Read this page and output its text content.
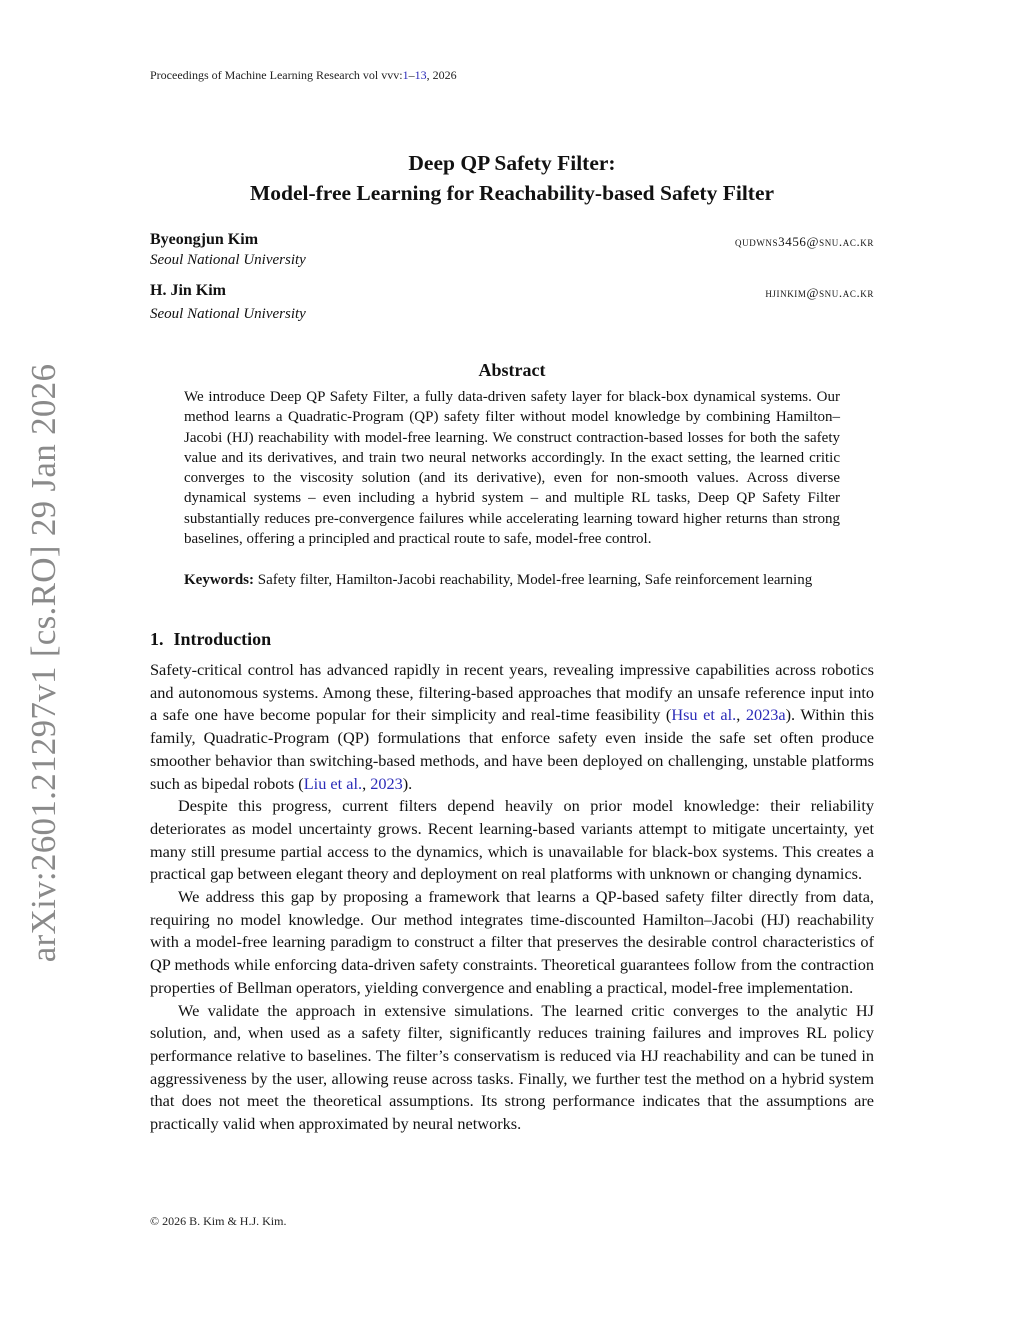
Proceedings of Machine Learning Research vol vvv:1–13, 2026
arXiv:2601.21297v1 [cs.RO] 29 Jan 2026
Deep QP Safety Filter:
Model-free Learning for Reachability-based Safety Filter
Byeongjun Kim	qudwns3456@snu.ac.kr
Seoul National University
H. Jin Kim	hjinkim@snu.ac.kr
Seoul National University
Abstract

We introduce Deep QP Safety Filter, a fully data-driven safety layer for black-box dynamical systems. Our method learns a Quadratic-Program (QP) safety filter without model knowledge by combining Hamilton–Jacobi (HJ) reachability with model-free learning. We construct contraction-based losses for both the safety value and its derivatives, and train two neural networks accordingly. In the exact setting, the learned critic converges to the viscosity solution (and its derivative), even for non-smooth values. Across diverse dynamical systems – even including a hybrid system – and multiple RL tasks, Deep QP Safety Filter substantially reduces pre-convergence failures while accelerating learning toward higher returns than strong baselines, offering a principled and practical route to safe, model-free control.

Keywords: Safety filter, Hamilton-Jacobi reachability, Model-free learning, Safe reinforcement learning

1. Introduction

Safety-critical control has advanced rapidly in recent years, revealing impressive capabilities across robotics and autonomous systems. Among these, filtering-based approaches that modify an unsafe reference input into a safe one have become popular for their simplicity and real-time feasibility (Hsu et al., 2023a). Within this family, Quadratic-Program (QP) formulations that enforce safety even inside the safe set often produce smoother behavior than switching-based methods, and have been deployed on challenging, unstable platforms such as bipedal robots (Liu et al., 2023).

Despite this progress, current filters depend heavily on prior model knowledge: their reliability deteriorates as model uncertainty grows. Recent learning-based variants attempt to mitigate uncertainty, yet many still presume partial access to the dynamics, which is unavailable for black-box systems. This creates a practical gap between elegant theory and deployment on real platforms with unknown or changing dynamics.

We address this gap by proposing a framework that learns a QP-based safety filter directly from data, requiring no model knowledge. Our method integrates time-discounted Hamilton–Jacobi (HJ) reachability with a model-free learning paradigm to construct a filter that preserves the desirable control characteristics of QP methods while enforcing data-driven safety constraints. Theoretical guarantees follow from the contraction properties of Bellman operators, yielding convergence and enabling a practical, model-free implementation.

We validate the approach in extensive simulations. The learned critic converges to the analytic HJ solution, and, when used as a safety filter, significantly reduces training failures and improves RL policy performance relative to baselines. The filter’s conservatism is reduced via HJ reachability and can be tuned in aggressiveness by the user, allowing reuse across tasks. Finally, we further test the method on a hybrid system that does not meet the theoretical assumptions. Its strong performance indicates that the assumptions are practically valid when approximated by neural networks.

© 2026 B. Kim & H.J. Kim.
